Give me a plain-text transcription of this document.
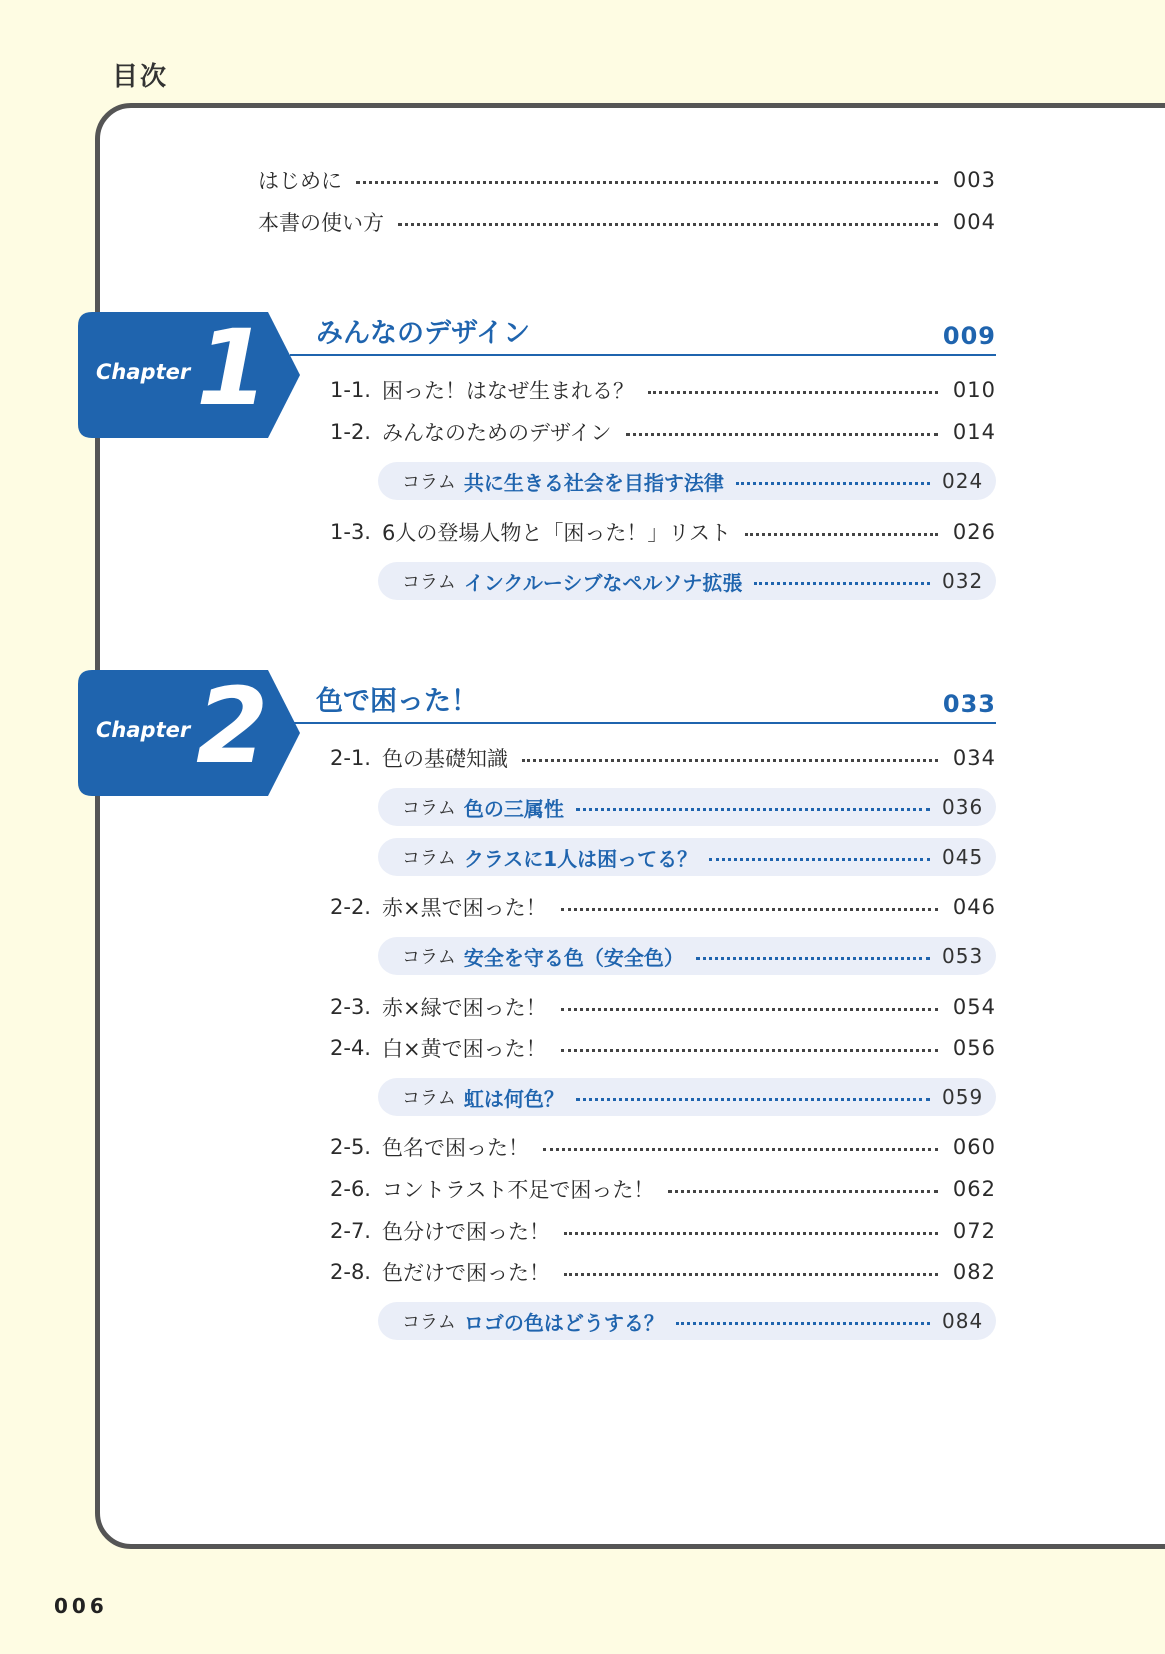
目次
はじめに	003
本書の使い方	004
Chapter 1 みんなのデザイン	009
1-1. 困った！はなぜ生まれる？	010
1-2. みんなのためのデザイン	014
コラム 共に生きる社会を目指す法律	024
1-3. 6人の登場人物と「困った！」リスト	026
コラム インクルーシブなペルソナ拡張	032
Chapter 2 色で困った！	033
2-1. 色の基礎知識	034
コラム 色の三属性	036
コラム クラスに1人は困ってる？	045
2-2. 赤×黒で困った！	046
コラム 安全を守る色（安全色）	053
2-3. 赤×緑で困った！	054
2-4. 白×黄で困った！	056
コラム 虹は何色？	059
2-5. 色名で困った！	060
2-6. コントラスト不足で困った！	062
2-7. 色分けで困った！	072
2-8. 色だけで困った！	082
コラム ロゴの色はどうする？	084
006
